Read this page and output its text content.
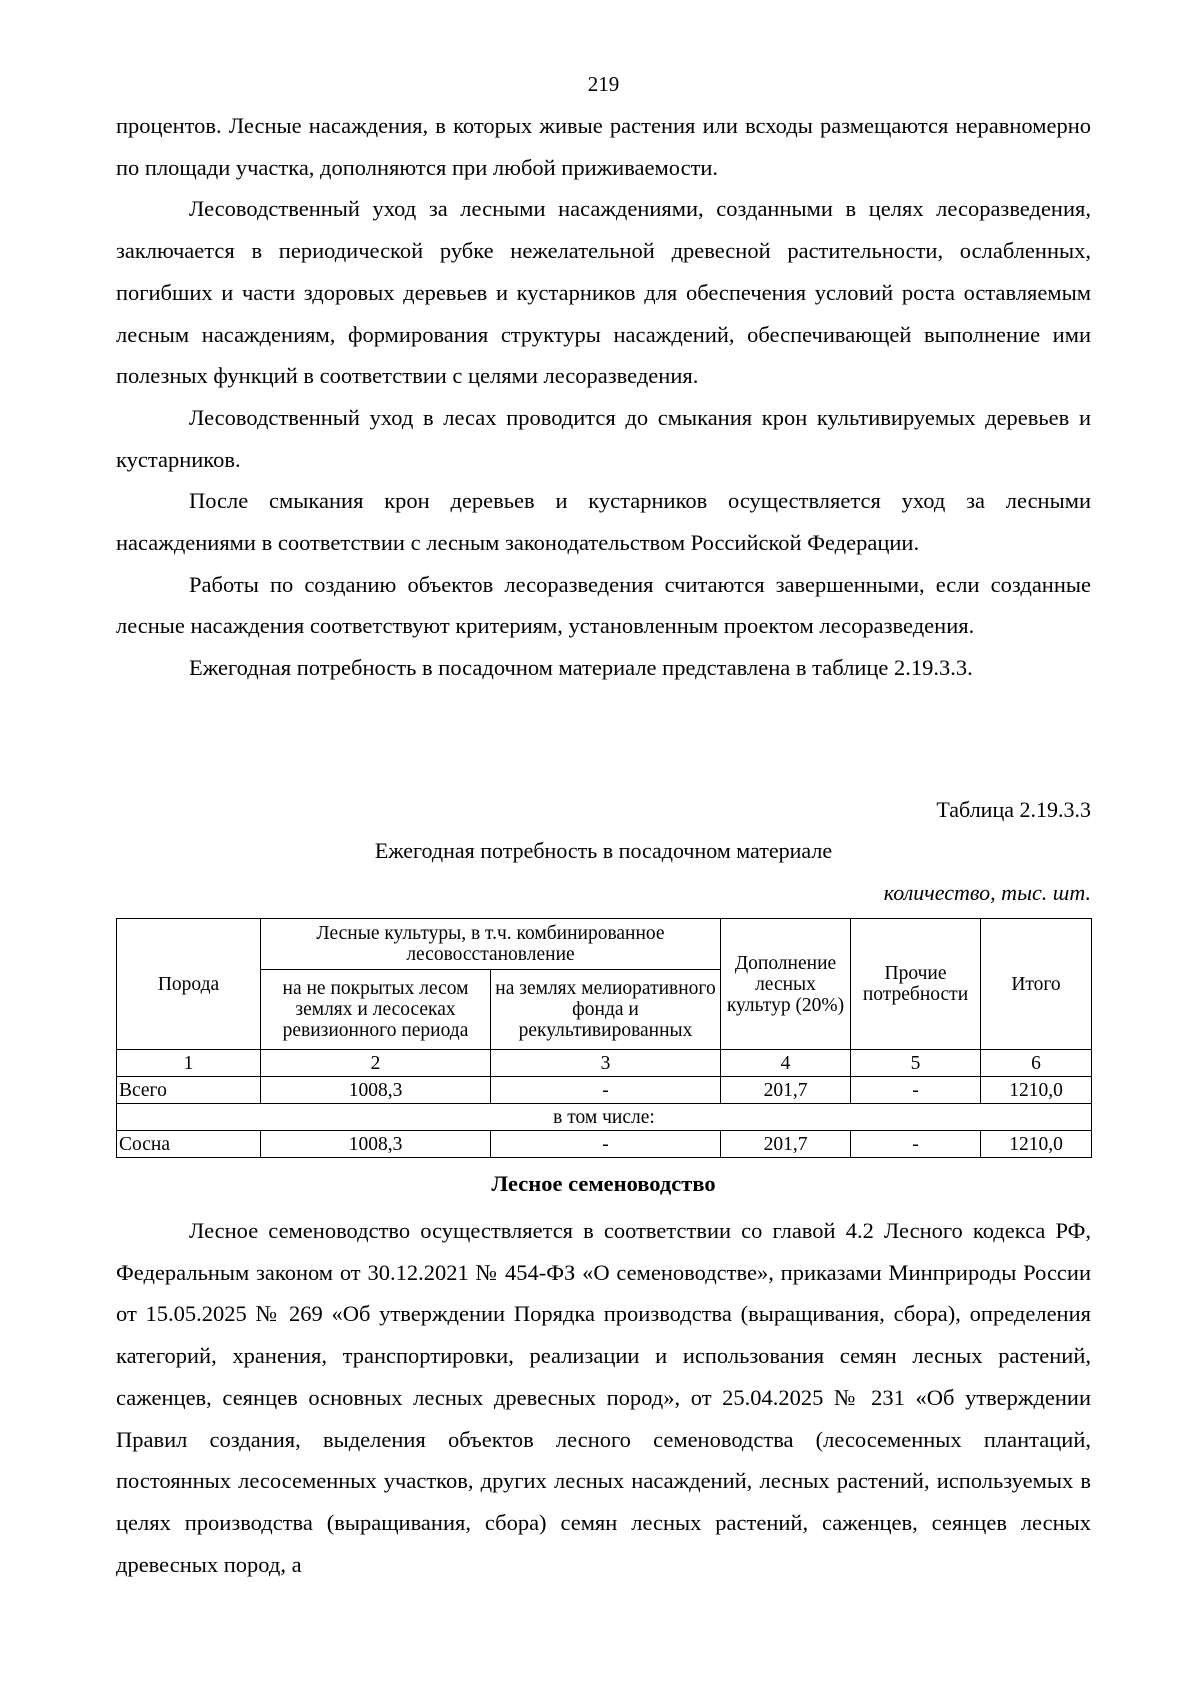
219

процентов. Лесные насаждения, в которых живые растения или всходы размещаются неравномерно по площади участка, дополняются при любой приживаемости.

Лесоводственный уход за лесными насаждениями, созданными в целях лесоразведения, заключается в периодической рубке нежелательной древесной растительности, ослабленных, погибших и части здоровых деревьев и кустарников для обеспечения условий роста оставляемым лесным насаждениям, формирования структуры насаждений, обеспечивающей выполнение ими полезных функций в соответствии с целями лесоразведения.

Лесоводственный уход в лесах проводится до смыкания крон культивируемых деревьев и кустарников.

После смыкания крон деревьев и кустарников осуществляется уход за лесными насаждениями в соответствии с лесным законодательством Российской Федерации.

Работы по созданию объектов лесоразведения считаются завершенными, если созданные лесные насаждения соответствуют критериям, установленным проектом лесоразведения.

Ежегодная потребность в посадочном материале представлена в таблице 2.19.3.3.

Таблица 2.19.3.3
Ежегодная потребность в посадочном материале
количество, тыс. шт.
Порода	Лесные культуры, в т.ч. комбинированное лесовосстановление		Дополнение лесных культур (20%)	Прочие потребности	Итого
	на не покрытых лесом землях и лесосеках ревизионного периода	на землях мелиоративного фонда и рекультивированных			
1	2	3	4	5	6
Всего	1008,3	-	201,7	-	1210,0
в том числе:					
Сосна	1008,3	-	201,7	-	1210,0
Лесное семеноводство

Лесное семеноводство осуществляется в соответствии со главой 4.2 Лесного кодекса РФ, Федеральным законом от 30.12.2021 № 454-ФЗ «О семеноводстве», приказами Минприроды России от 15.05.2025 № 269 «Об утверждении Порядка производства (выращивания, сбора), определения категорий, хранения, транспортировки, реализации и использования семян лесных растений, саженцев, сеянцев основных лесных древесных пород», от 25.04.2025 № 231 «Об утверждении Правил создания, выделения объектов лесного семеноводства (лесосеменных плантаций, постоянных лесосеменных участков, других лесных насаждений, лесных растений, используемых в целях производства (выращивания, сбора) семян лесных растений, саженцев, сеянцев лесных древесных пород, а
